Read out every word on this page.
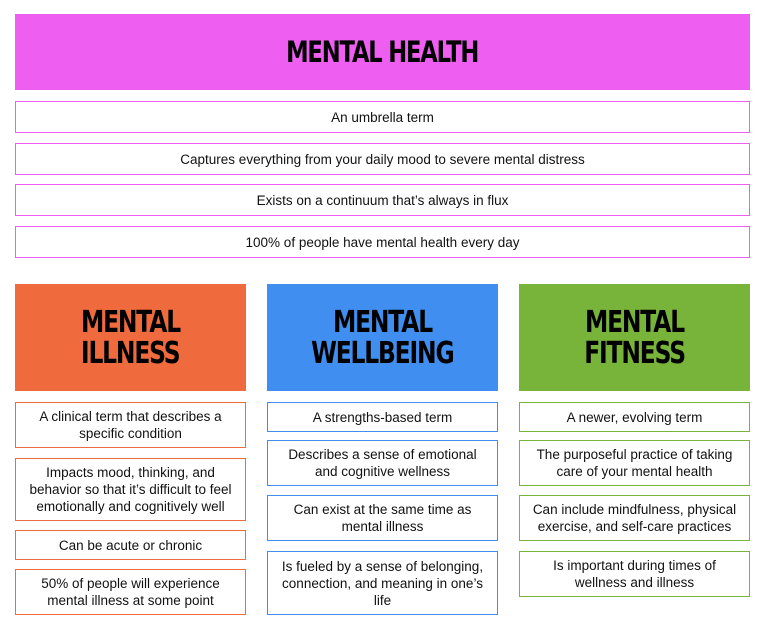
MENTAL HEALTH
An umbrella term
Captures everything from your daily mood to severe mental distress
Exists on a continuum that’s always in flux
100% of people have mental health every day
MENTAL
ILLNESS
A clinical term that describes a specific condition
Impacts mood, thinking, and behavior so that it’s difficult to feel emotionally and cognitively well
Can be acute or chronic
50% of people will experience mental illness at some point
MENTAL
WELLBEING
A strengths-based term
Describes a sense of emotional and cognitive wellness
Can exist at the same time as mental illness
Is fueled by a sense of belonging, connection, and meaning in one’s life
MENTAL
FITNESS
A newer, evolving term
The purposeful practice of taking care of your mental health
Can include mindfulness, physical exercise, and self-care practices
Is important during times of wellness and illness
